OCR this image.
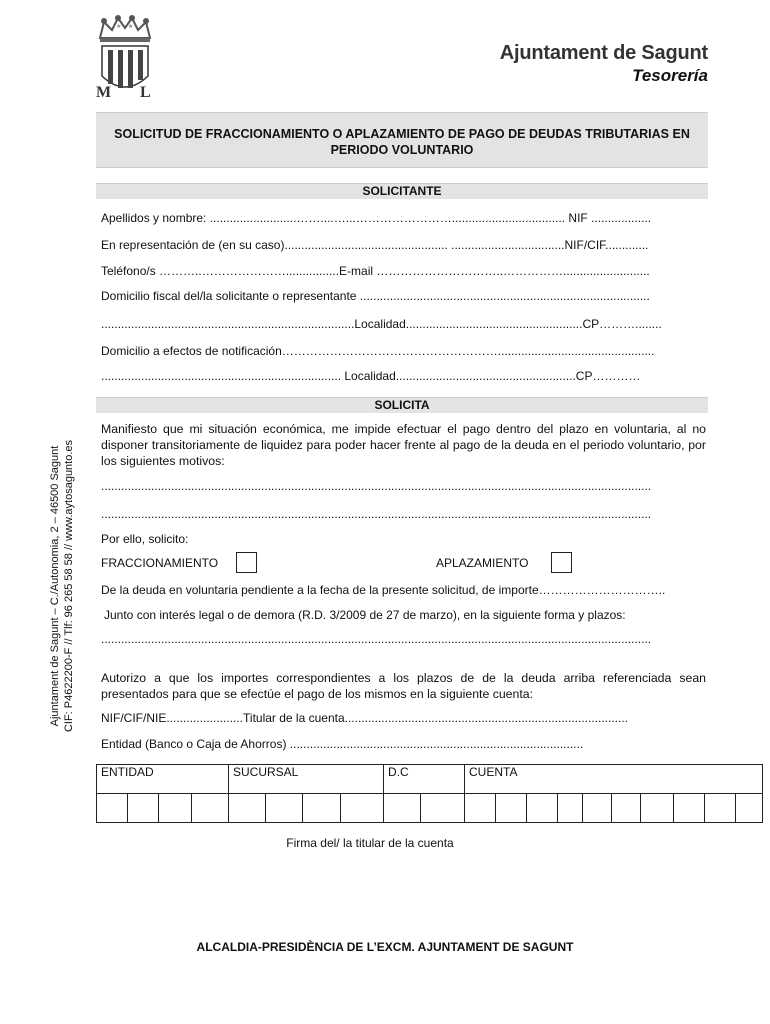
★ ★
M L
Ajuntament de Sagunt
Tesorería
SOLICITUD DE FRACCIONAMIENTO O APLAZAMIENTO DE PAGO DE DEUDAS TRIBUTARIAS EN
PERIODO VOLUNTARIO
Ajuntament de Sagunt – C./Autonomia, 2 – 46500 Sagunt CIF: P4622200-F // Tlf: 96 265 58 58 // www.aytosagunto.es
SOLICITANTE
Apellidos y nombre: ..........................……....…...…………………….................................. NIF ..................
En representación de (en su caso)................................................. ..................................NIF/CIF.............
Teléfono/s ………..…………………................E-mail …………………………..……………..........................
Domicilio fiscal del/la solicitante o representante .......................................................................................
............................................................................Localidad.....................................................CP………........
Domicilio a efectos de notificación………………………………………………...............................................
........................................................................ Localidad......................................................CP…………
SOLICITA
Manifiesto que mi situación económica, me impide efectuar el pago dentro del plazo en voluntaria, al no disponer transitoriamente de liquidez para poder hacer frente al pago de la deuda en el periodo voluntario, por los siguientes motivos:
.....................................................................................................................................................................
.....................................................................................................................................................................
Por ello, solicito:
FRACCIONAMIENTO	APLAZAMIENTO
De la deuda en voluntaria pendiente a la fecha de la presente solicitud, de importe…………………………..
Junto con interés legal o de demora (R.D. 3/2009 de 27 de marzo), en la siguiente forma y plazos:
.....................................................................................................................................................................
Autorizo a que los importes correspondientes a los plazos de de la deuda arriba referenciada sean presentados para que se efectúe el pago de los mismos en la siguiente cuenta:
NIF/CIF/NIE.......................Titular de la cuenta.....................................................................................
Entidad (Banco o Caja de Ahorros) ........................................................................................
ENTIDAD				SUCURSAL				D.C		CUENTA									

Firma del/ la titular de la cuenta
ALCALDIA-PRESIDÈNCIA DE L’EXCM. AJUNTAMENT DE SAGUNT
